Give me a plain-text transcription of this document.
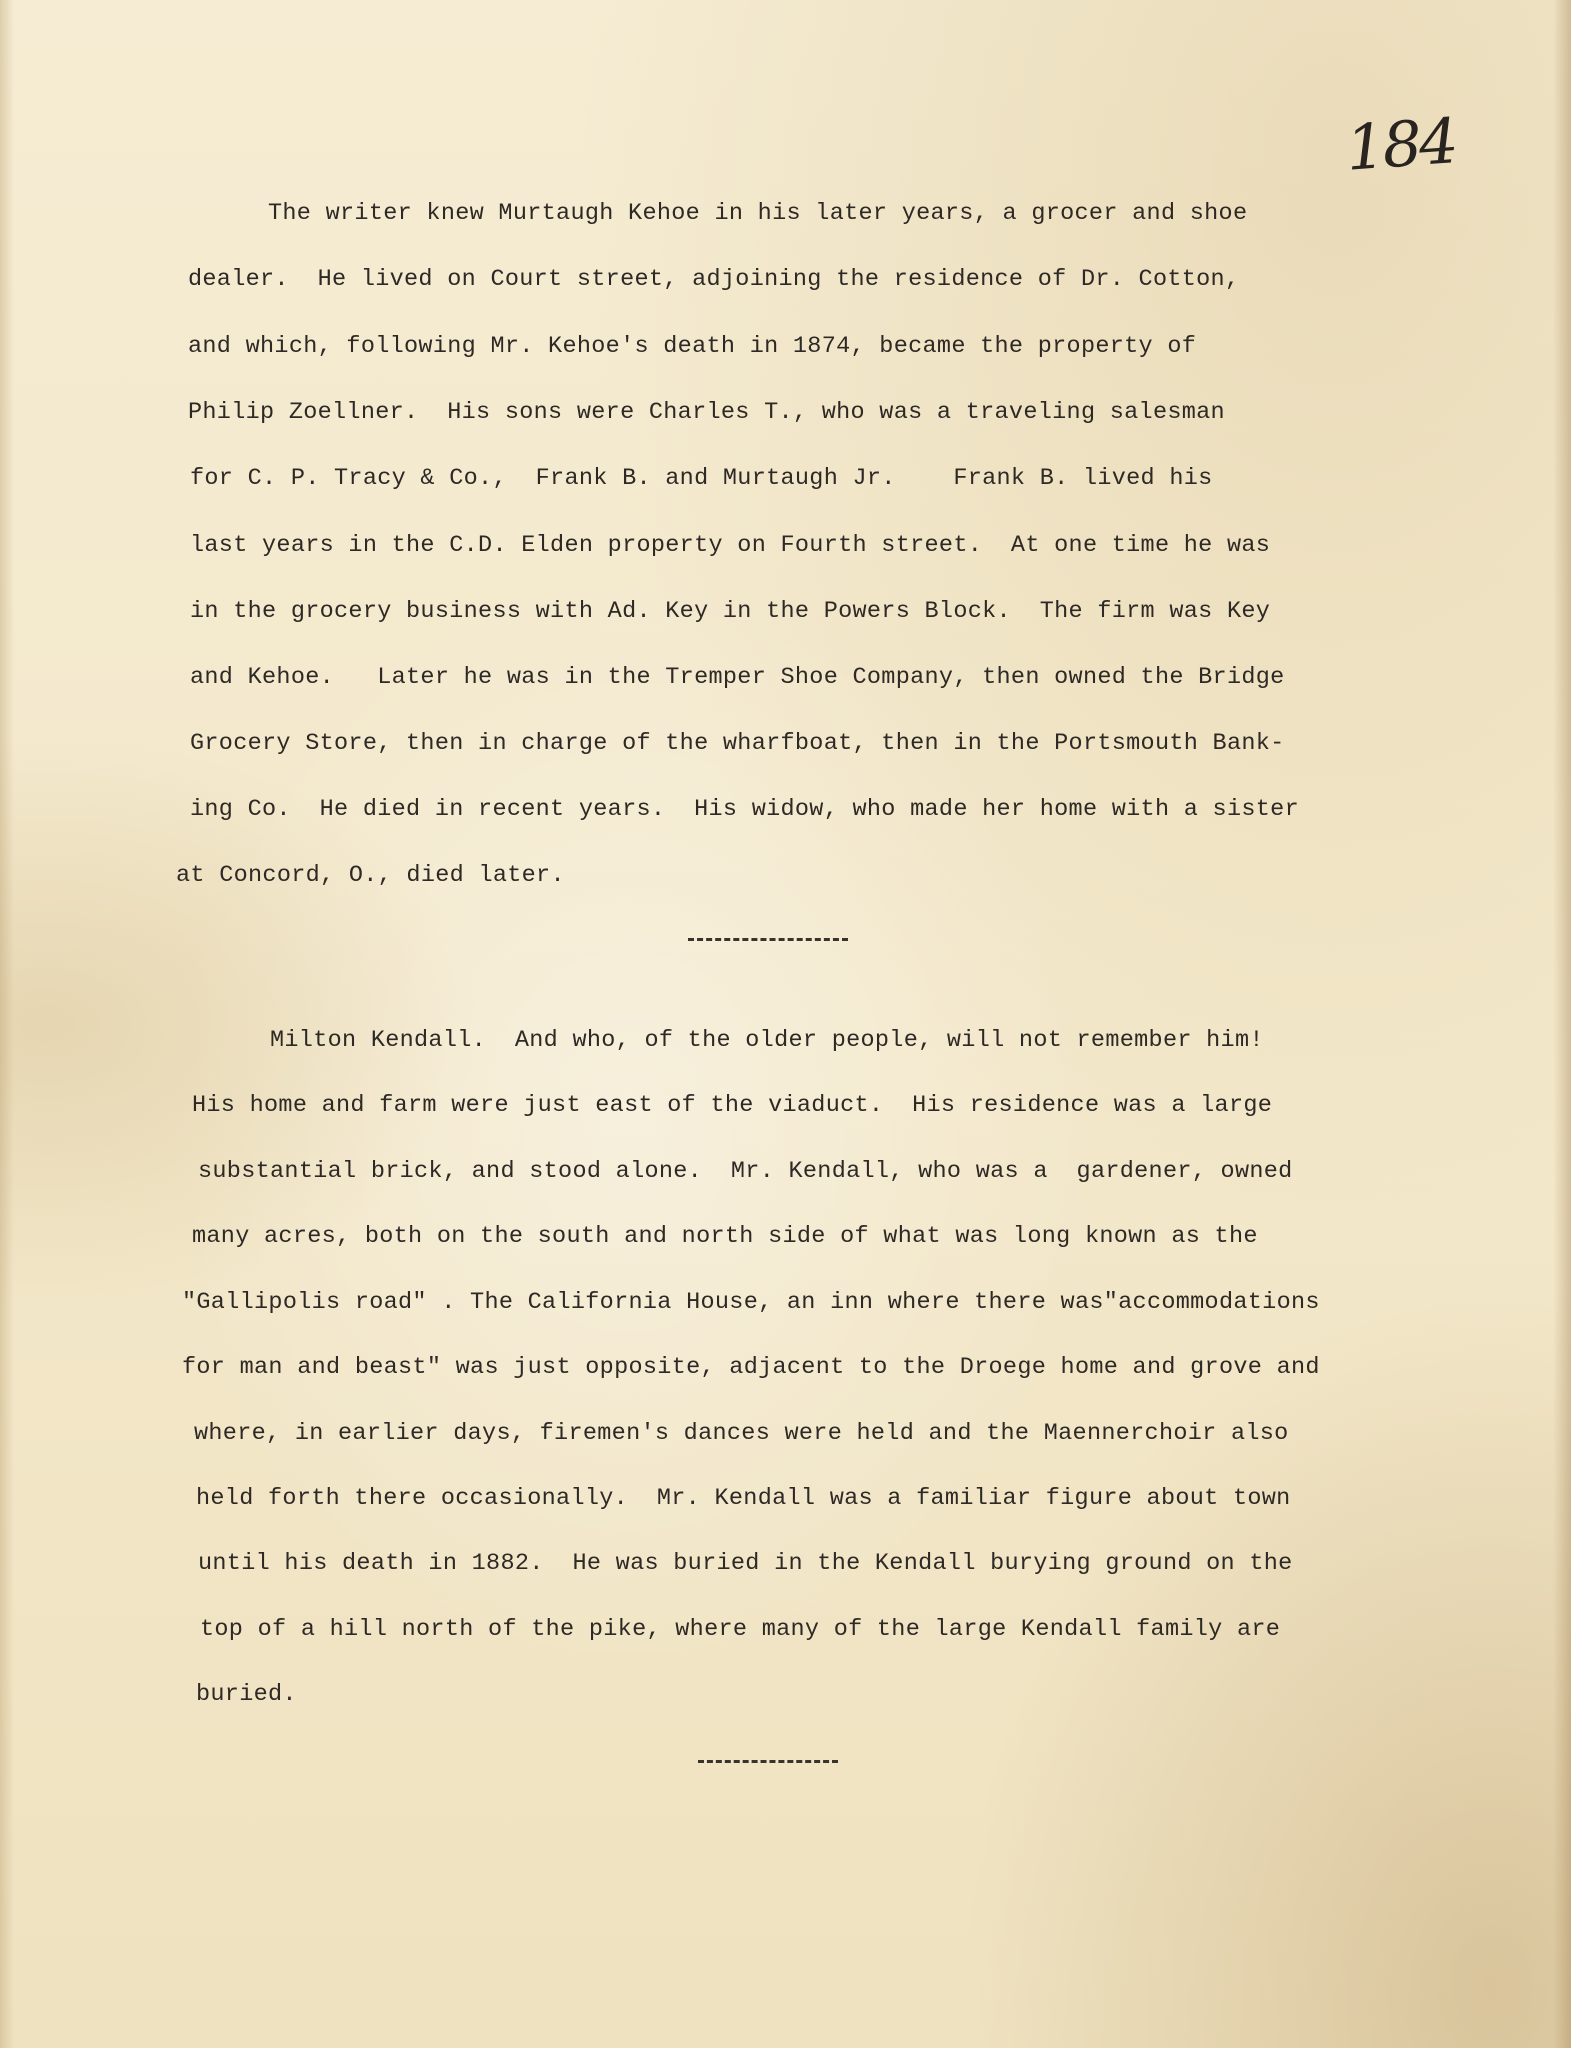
184
The writer knew Murtaugh Kehoe in his later years, a grocer and shoe
dealer.  He lived on Court street, adjoining the residence of Dr. Cotton,
and which, following Mr. Kehoe's death in 1874, became the property of
Philip Zoellner.  His sons were Charles T., who was a traveling salesman
for C. P. Tracy & Co.,  Frank B. and Murtaugh Jr.    Frank B. lived his
last years in the C.D. Elden property on Fourth street.  At one time he was
in the grocery business with Ad. Key in the Powers Block.  The firm was Key
and Kehoe.   Later he was in the Tremper Shoe Company, then owned the Bridge
Grocery Store, then in charge of the wharfboat, then in the Portsmouth Bank-
ing Co.  He died in recent years.  His widow, who made her home with a sister
at Concord, O., died later.
Milton Kendall.  And who, of the older people, will not remember him!
His home and farm were just east of the viaduct.  His residence was a large
substantial brick, and stood alone.  Mr. Kendall, who was a  gardener, owned
many acres, both on the south and north side of what was long known as the
"Gallipolis road" . The California House, an inn where there was"accommodations
for man and beast" was just opposite, adjacent to the Droege home and grove and
where, in earlier days, firemen's dances were held and the Maennerchoir also
held forth there occasionally.  Mr. Kendall was a familiar figure about town
until his death in 1882.  He was buried in the Kendall burying ground on the
top of a hill north of the pike, where many of the large Kendall family are
buried.
